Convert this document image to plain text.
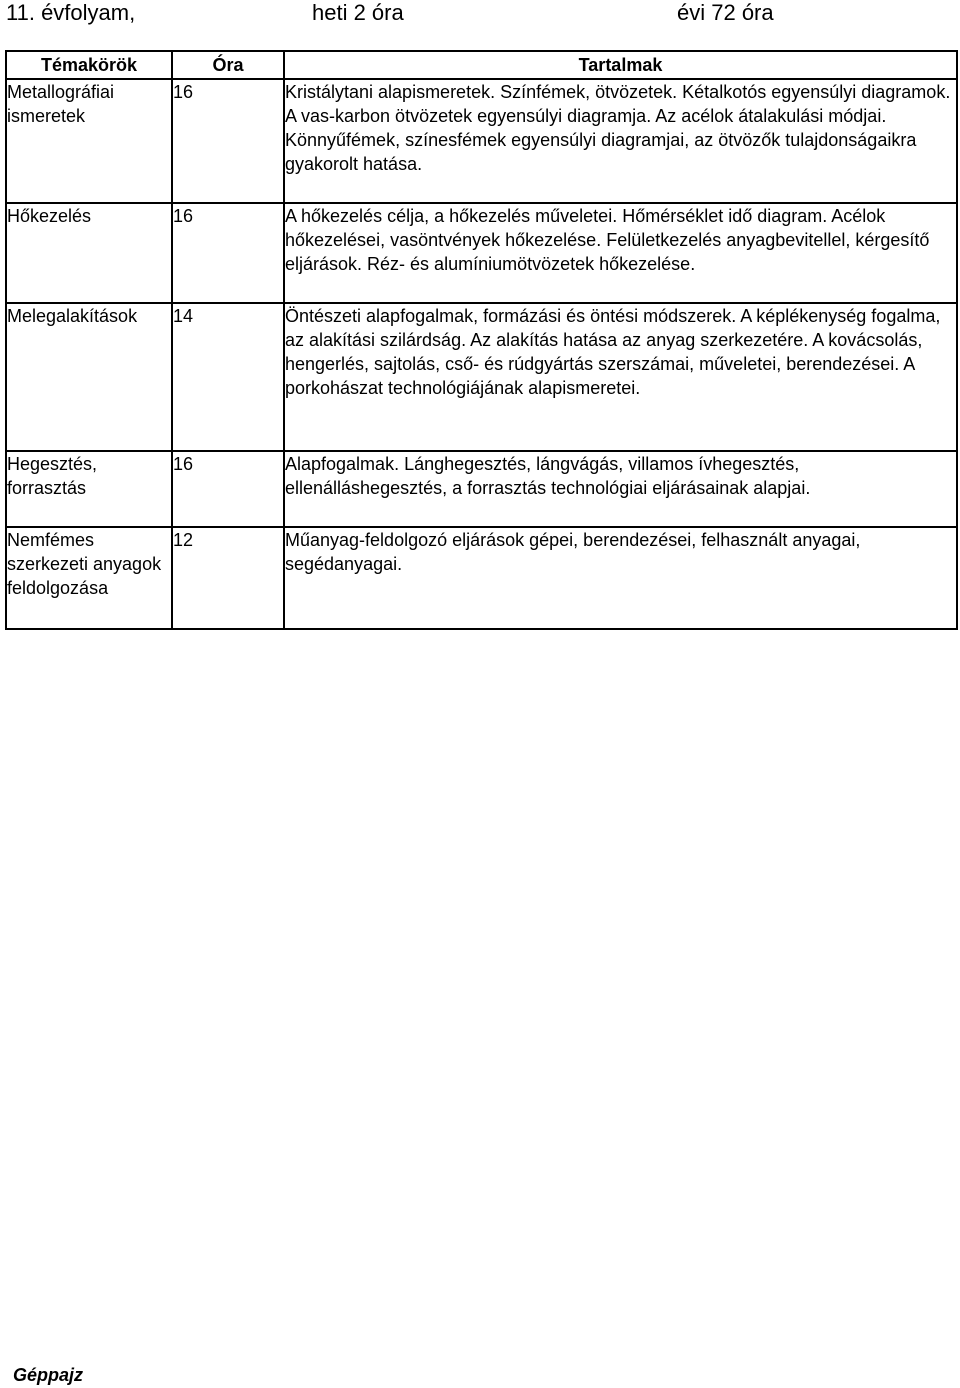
11. évfolyam,	heti 2 óra	évi 72 óra
Témakörök	Óra	Tartalmak
Metallográfiai ismeretek	16	Kristálytani alapismeretek. Színfémek, ötvözetek. Kétalkotós egyensúlyi diagramok. A vas-karbon ötvözetek egyensúlyi diagramja. Az acélok átalakulási módjai. Könnyűfémek, színesfémek egyensúlyi diagramjai, az ötvözők tulajdonságaikra gyakorolt hatása.
Hőkezelés	16	A hőkezelés célja, a hőkezelés műveletei. Hőmérséklet idő diagram. Acélok hőkezelései, vasöntvények hőkezelése. Felületkezelés anyagbevitellel, kérgesítő eljárások. Réz- és alumíniumötvözetek hőkezelése.
Melegalakítások	14	Öntészeti alapfogalmak, formázási és öntési módszerek. A képlékenység fogalma, az alakítási szilárdság. Az alakítás hatása az anyag szerkezetére. A kovácsolás, hengerlés, sajtolás, cső- és rúdgyártás szerszámai, műveletei, berendezései. A porkohászat technológiájának alapismeretei.
Hegesztés, forrasztás	16	Alapfogalmak. Lánghegesztés, lángvágás, villamos ívhegesztés, ellenálláshegesztés, a forrasztás technológiai eljárásainak alapjai.
Nemfémes szerkezeti anyagok feldolgozása	12	Műanyag-feldolgozó eljárások gépei, berendezései, felhasznált anyagai, segédanyagai.
Gépрajz
